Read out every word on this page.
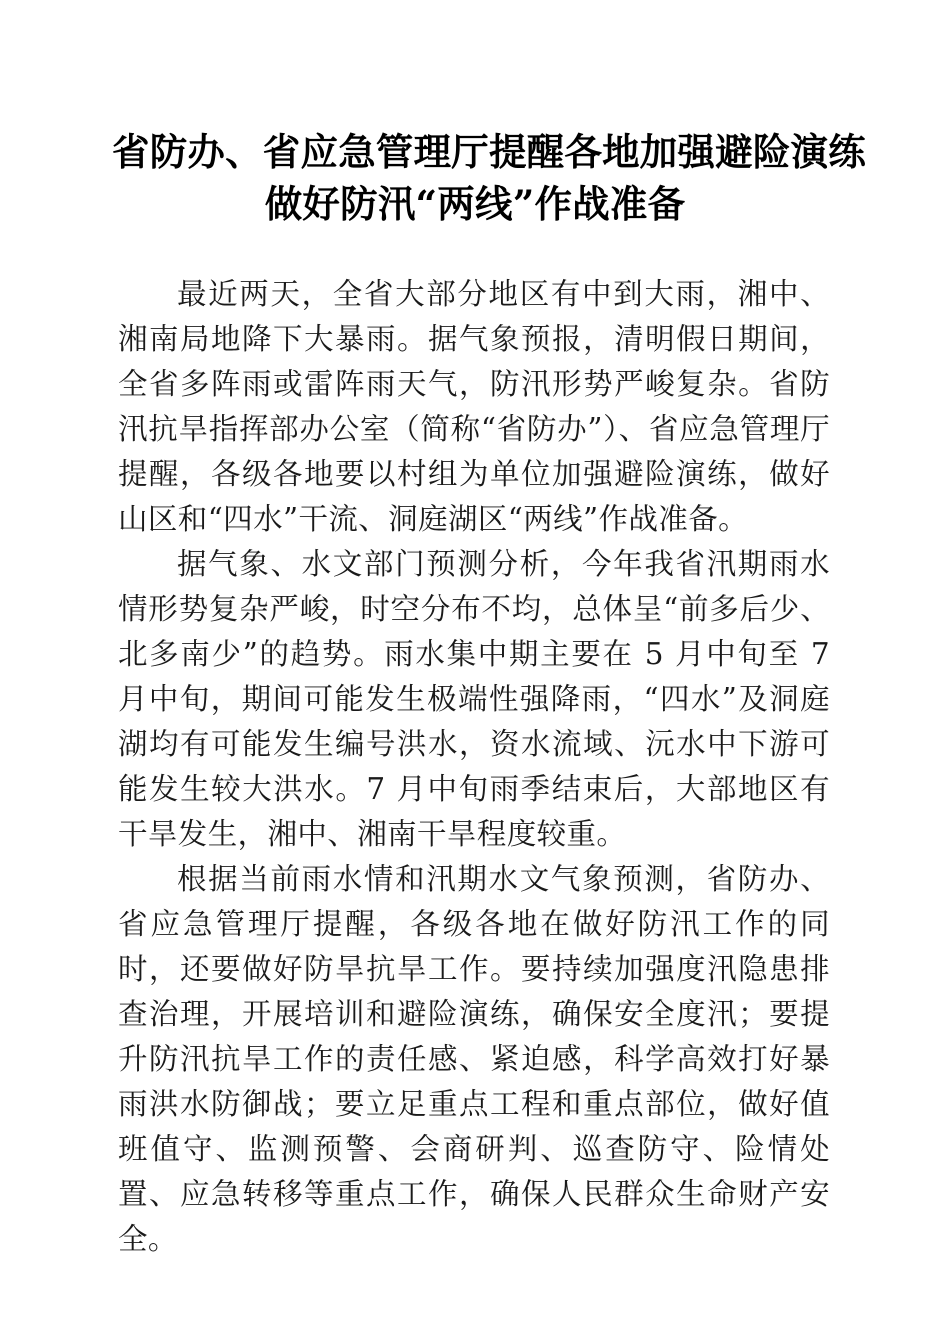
省防办、省应急管理厅提醒各地加强避险演练
做好防汛“两线”作战准备

最近两天，全省大部分地区有中到大雨，湘中、湘南局地降下大暴雨。据气象预报，清明假日期间，全省多阵雨或雷阵雨天气，防汛形势严峻复杂。省防汛抗旱指挥部办公室（简称“省防办”）、省应急管理厅提醒，各级各地要以村组为单位加强避险演练，做好山区和“四水”干流、洞庭湖区“两线”作战准备。

据气象、水文部门预测分析，今年我省汛期雨水情形势复杂严峻，时空分布不均，总体呈“前多后少、北多南少”的趋势。雨水集中期主要在 5 月中旬至 7 月中旬，期间可能发生极端性强降雨，“四水”及洞庭湖均有可能发生编号洪水，资水流域、沅水中下游可能发生较大洪水。7 月中旬雨季结束后，大部地区有干旱发生，湘中、湘南干旱程度较重。

根据当前雨水情和汛期水文气象预测，省防办、省应急管理厅提醒，各级各地在做好防汛工作的同时，还要做好防旱抗旱工作。要持续加强度汛隐患排查治理，开展培训和避险演练，确保安全度汛；要提升防汛抗旱工作的责任感、紧迫感，科学高效打好暴雨洪水防御战；要立足重点工程和重点部位，做好值班值守、监测预警、会商研判、巡查防守、险情处置、应急转移等重点工作，确保人民群众生命财产安全。
